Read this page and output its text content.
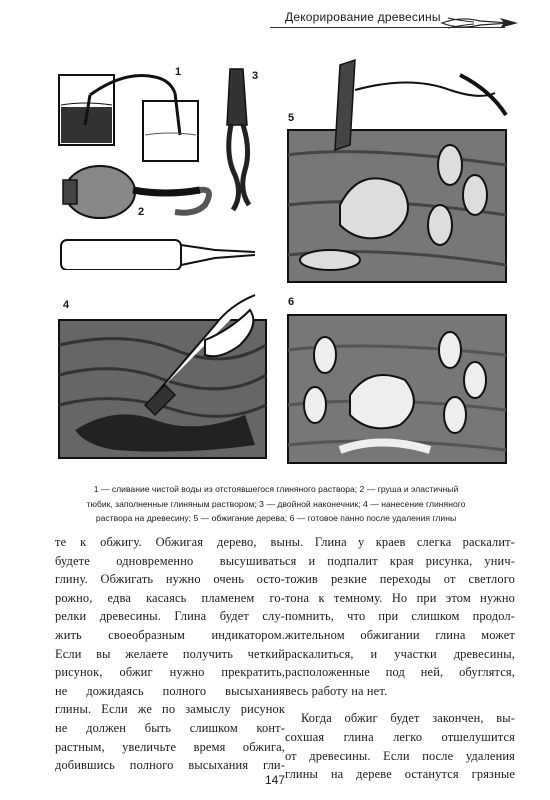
Декорирование древесины
1
2
3
5
4	6
1 — сливание чистой воды из отстоявшегося глиняного раствора; 2 — груша и эластичный
тюбик, заполненные глиняным раствором; 3 — двойной наконечник; 4 — нанесение глиняного
раствора на древесину; 5 — обжигание дерева; 6 — готовое панно после удаления глины
те к обжигу. Обжигая дерево, вы
будете одновременно высушивать
глину. Обжигать нужно очень осто-
рожно, едва касаясь пламенем го-
релки древесины. Глина будет слу-
жить своеобразным индикатором.
Если вы желаете получить четкий
рисунок, обжиг нужно прекратить,
не дожидаясь полного высыхания
глины. Если же по замыслу рисунок
не должен быть слишком конт-
растным, увеличьте время обжига,
добившись полного высыхания гли-
ны. Глина у краев слегка раскалит-
ся и подпалит края рисунка, унич-
тожив резкие переходы от светлого
тона к темному. Но при этом нужно
помнить, что при слишком продол-
жительном обжигании глина может
раскалиться, и участки древесины,
расположенные под ней, обуглятся,
весь работу на нет.
Когда обжиг будет закончен, вы-
сохшая глина легко отшелушится
от древесины. Если после удаления
глины на дереве останутся грязные
147
